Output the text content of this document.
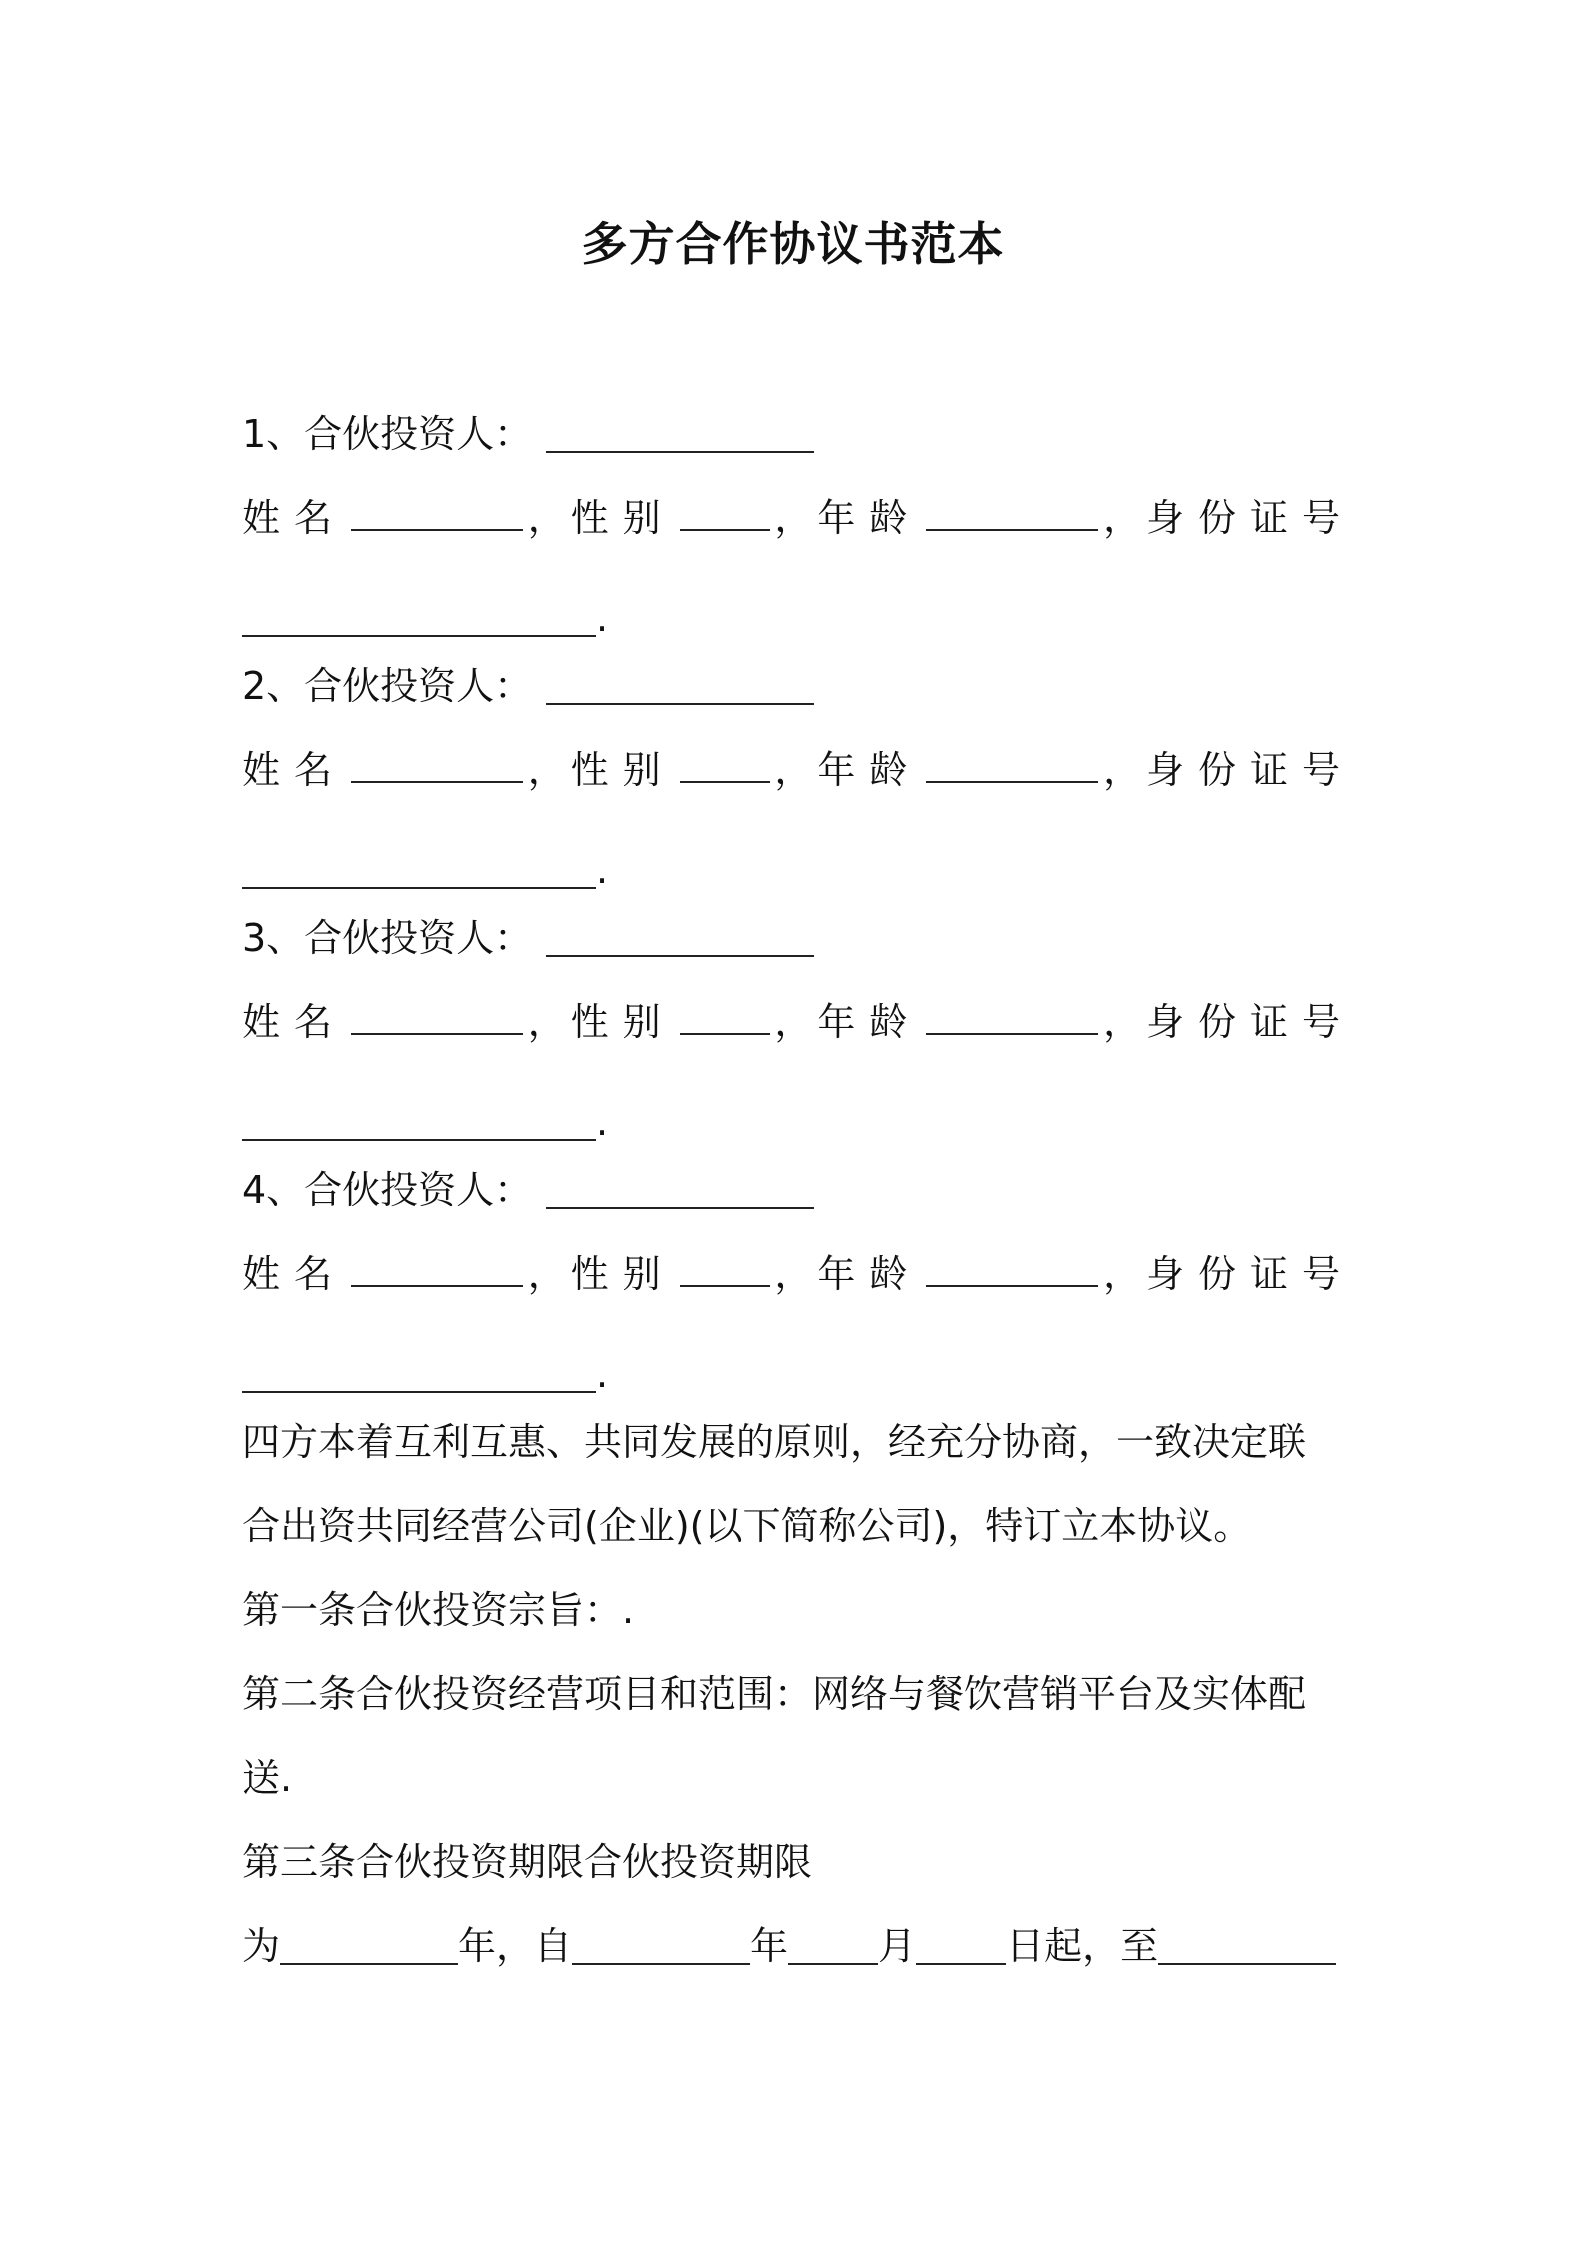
多方合作协议书范本
1、合伙投资人：
姓名	， 性别	， 年龄	， 身份证号
.
2、合伙投资人：
姓名	， 性别	， 年龄	， 身份证号
.
3、合伙投资人：
姓名	， 性别	， 年龄	， 身份证号
.
4、合伙投资人：
姓名	， 性别	， 年龄	， 身份证号
.
四方本着互利互惠、共同发展的原则，经充分协商，一致决定联
合出资共同经营公司(企业)(以下简称公司)，特订立本协议。
第一条合伙投资宗旨：.
第二条合伙投资经营项目和范围：网络与餐饮营销平台及实体配
送.
第三条合伙投资期限合伙投资期限
为	年，自	年 月 日起，至
